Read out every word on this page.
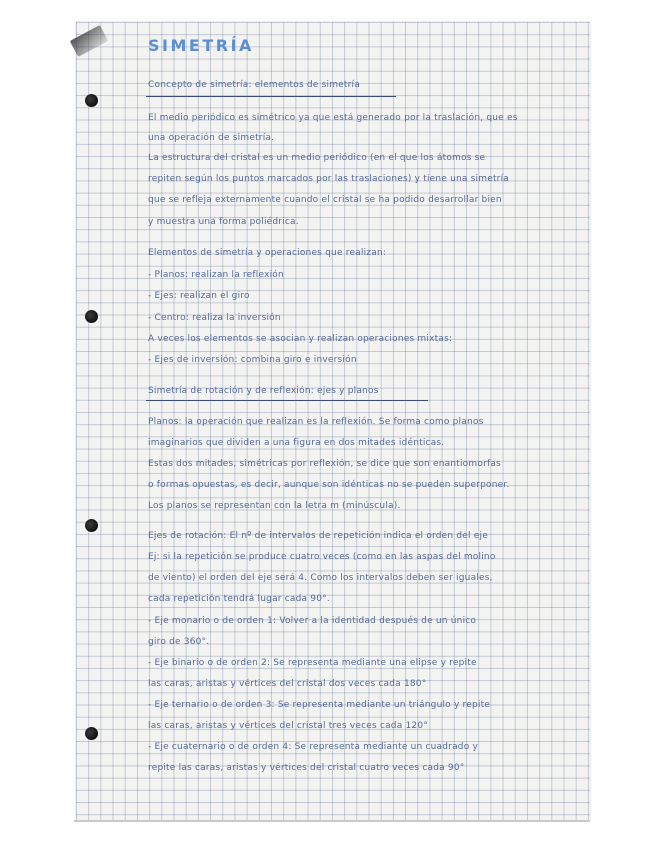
SIMETRÍA
Concepto de simetría: elementos de simetría
El medio periódico es simétrico ya que está generado por la traslación, que es
una operación de simetría.
La estructura del cristal es un medio periódico (en el que los átomos se
repiten según los puntos marcados por las traslaciones) y tiene una simetría
que se refleja externamente cuando el cristal se ha podido desarrollar bien
y muestra una forma poliédrica.
Elementos de simetría y operaciones que realizan:
- Planos: realizan la reflexión
- Ejes: realizan el giro
- Centro: realiza la inversión
A veces los elementos se asocian y realizan operaciones mixtas:
- Ejes de inversión: combina giro e inversión
Simetría de rotación y de reflexión: ejes y planos
Planos: la operación que realizan es la reflexión. Se forma como planos
imaginarios que dividen a una figura en dos mitades idénticas.
Estas dos mitades, simétricas por reflexión, se dice que son enantiomorfas
o formas opuestas, es decir, aunque son idénticas no se pueden superponer.
Los planos se representan con la letra m (minúscula).
Ejes de rotación: El nº de intervalos de repetición indica el orden del eje
Ej: si la repetición se produce cuatro veces (como en las aspas del molino
de viento) el orden del eje será 4. Como los intervalos deben ser iguales,
cada repetición tendrá lugar cada 90°.
- Eje monario o de orden 1: Volver a la identidad después de un único
giro de 360°.
- Eje binario o de orden 2: Se representa mediante una elipse y repite
las caras, aristas y vértices del cristal dos veces cada 180°
- Eje ternario o de orden 3: Se representa mediante un triángulo y repite
las caras, aristas y vértices del cristal tres veces cada 120°
- Eje cuaternario o de orden 4: Se representa mediante un cuadrado y
repite las caras, aristas y vértices del cristal cuatro veces cada 90°
